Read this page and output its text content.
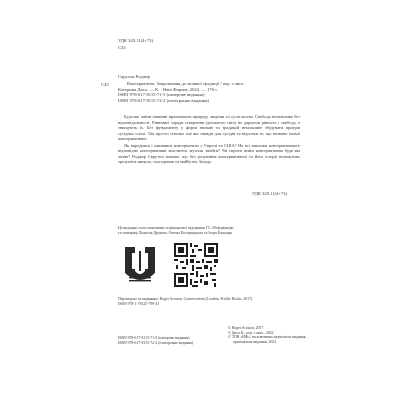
УДК 329.11(4+73)
С43
С43
Скрутон Роджер
Консерватизм. Запрошення до великої традиції / пер. з англ.
Катерина Диса. — К. : Наш Формат, 2022. — 176 с.
ISBN 978-617-8115-71-5 (паперове видання)
ISBN 978-617-8115-72-2 (електронне видання)

Будь-які зміни повинні враховувати природу людини та суспільства. Свобода неможлива без відповідальності. Рівновагі заради створення ідеального світу не даруючи рівність і свободу, а знищують їх. Без фундаменту у формі звичаїв та традицій неможливе збудувати пригрів сусідньо сполі. Так просто сільних але які завжди для сусідів та відсотки то, що названо їхньої консервативної.

Як народився і оживився консерватизм у Європі та США? На всі виклики консервативного відповідно консервативні мислителі мусили знайти? Чи скрізні ними консервативна будь-які лінію? Роджер Скрутон покаже, що без розуміння консервативної та його історії неможливо зрозуміти минуле, сьогодення та майбутнє Заходу.

УДК 329.11(4+73)
Це видання стало можливим за фінансової підтримки ГС «Реформація»
та співпраці Ліонелія Драхова, Євгена Кострицького та Ігоря Капущак
Переведено за виданням: Roger Scruton. Conservatism (London, Profile Books, 2017).
ISBN 978-1-78125-799-41
ISBN 978-617-8115-71-5 (паперове видання)
ISBN 978-617-8115-72-2 (електронне видання)
© Roger Scruton, 2017
© Диса К., пер. з англ., 2022
© ТОВ «НФ», ексклюзивна ліцензія на видання,
оригінальне видання, 2022
